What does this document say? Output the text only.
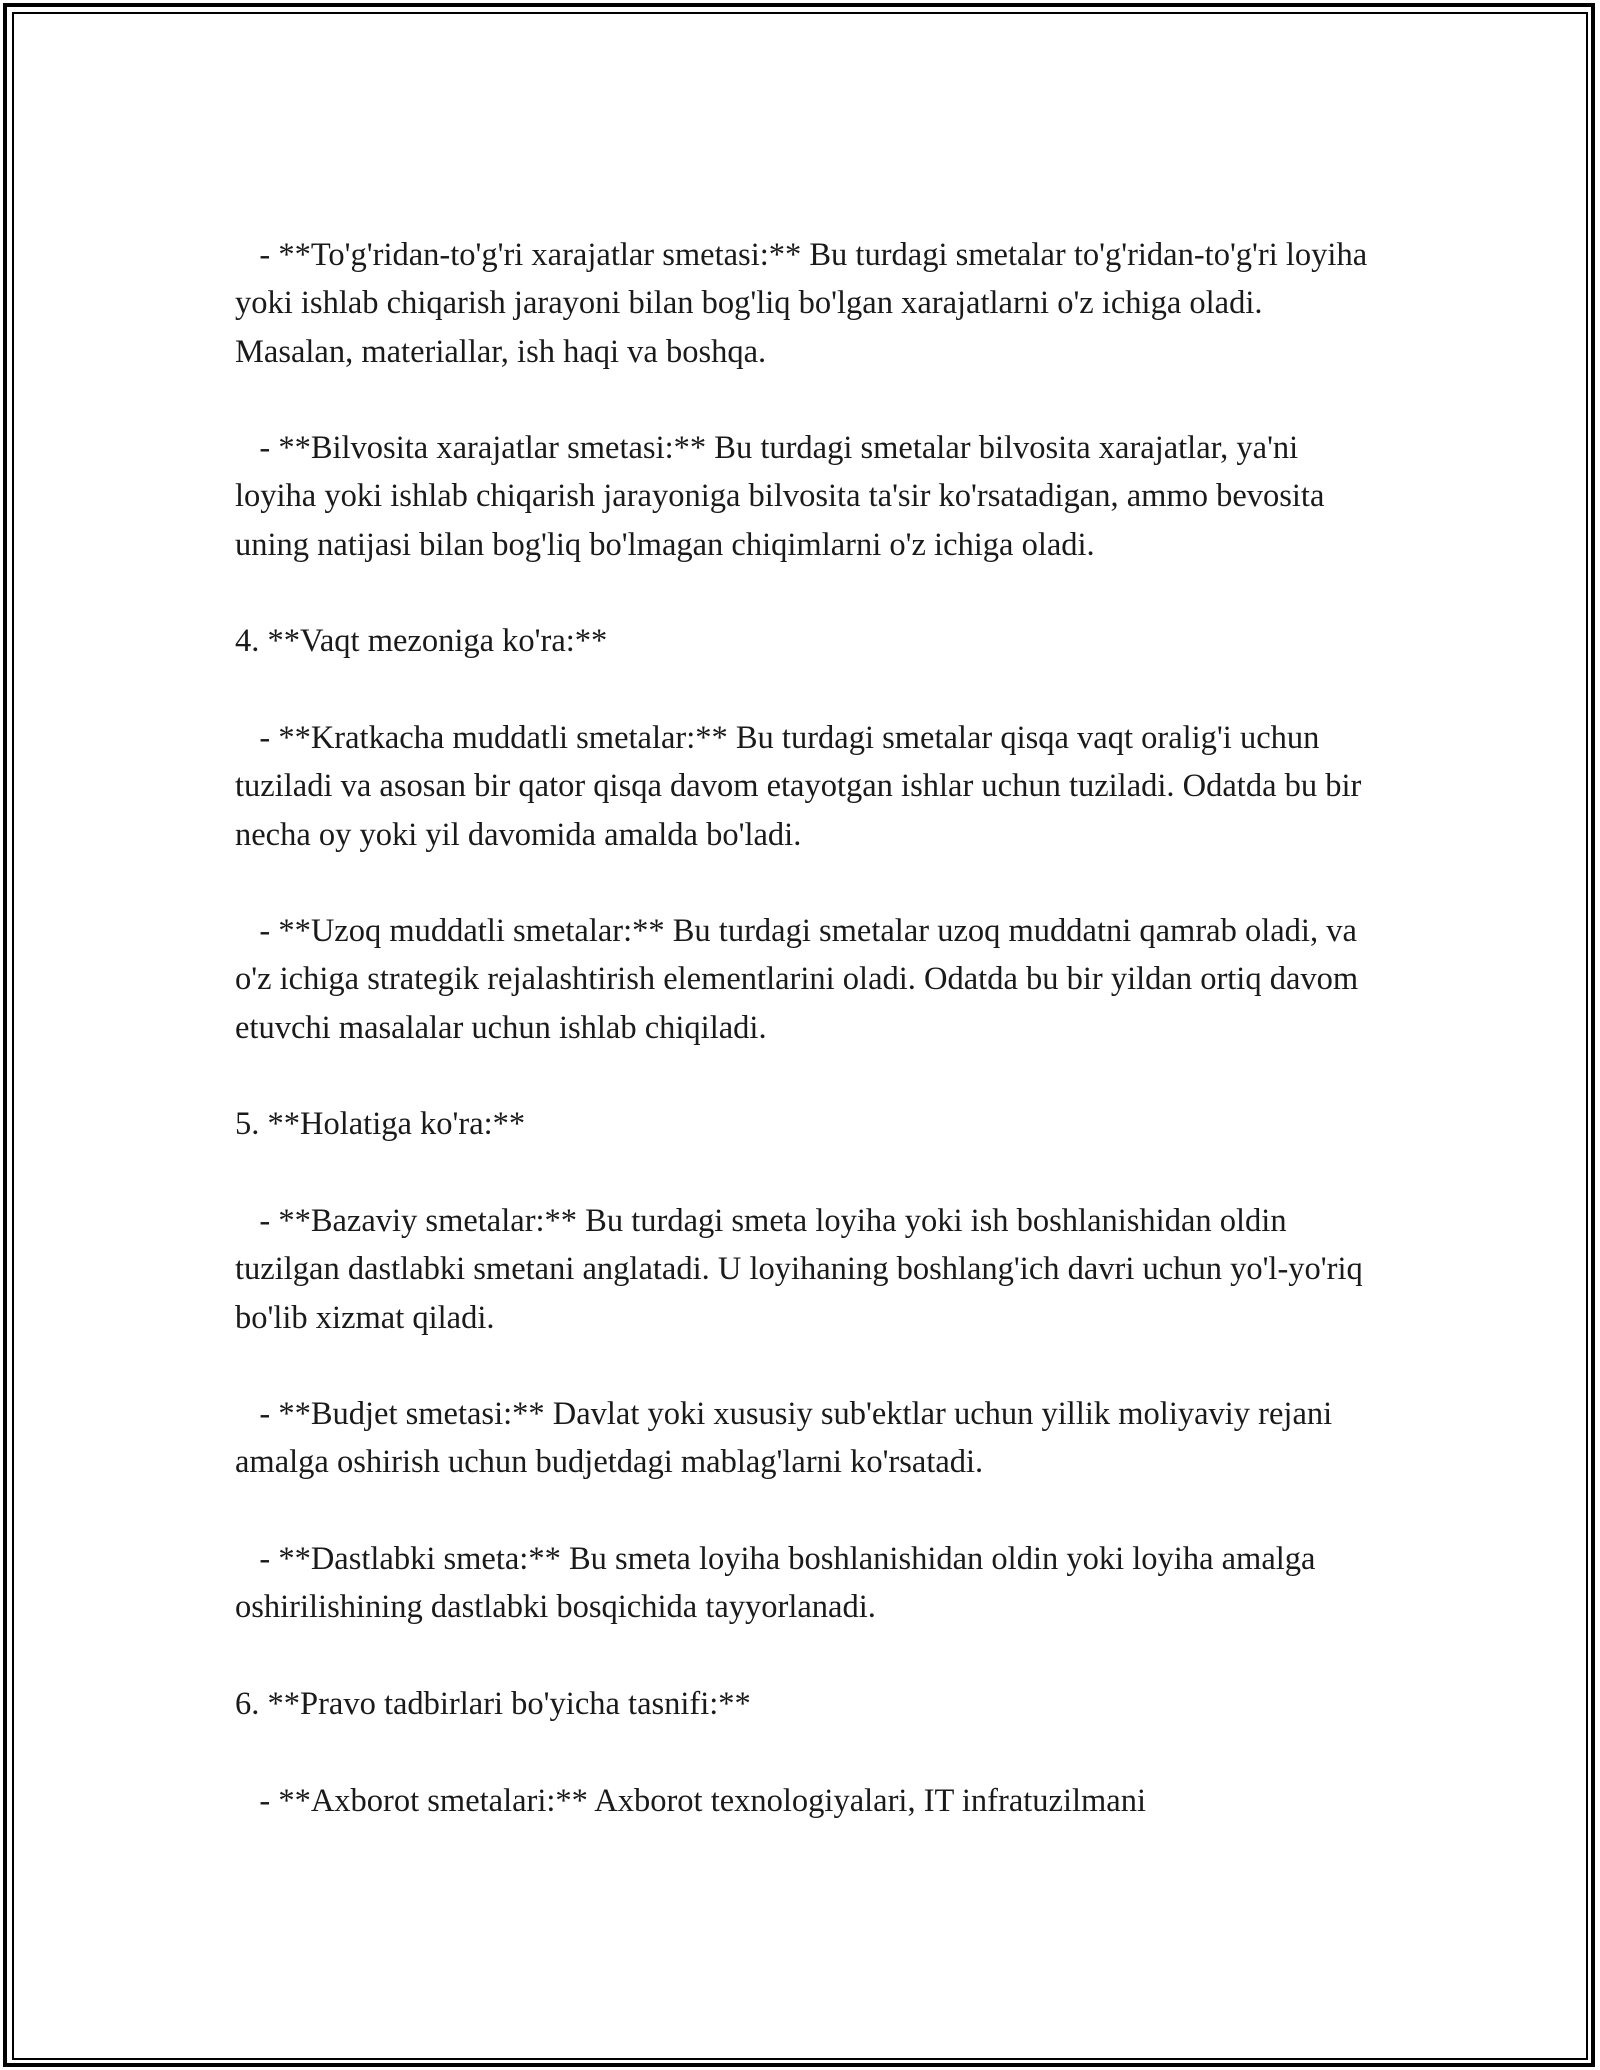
- **To'g'ridan-to'g'ri xarajatlar smetasi:** Bu turdagi smetalar to'g'ridan-to'g'ri loyiha yoki ishlab chiqarish jarayoni bilan bog'liq bo'lgan xarajatlarni o'z ichiga oladi. Masalan, materiallar, ish haqi va boshqa.

- **Bilvosita xarajatlar smetasi:** Bu turdagi smetalar bilvosita xarajatlar, ya'ni loyiha yoki ishlab chiqarish jarayoniga bilvosita ta'sir ko'rsatadigan, ammo bevosita uning natijasi bilan bog'liq bo'lmagan chiqimlarni o'z ichiga oladi.

4. **Vaqt mezoniga ko'ra:**

- **Kratkacha muddatli smetalar:** Bu turdagi smetalar qisqa vaqt oralig'i uchun tuziladi va asosan bir qator qisqa davom etayotgan ishlar uchun tuziladi. Odatda bu bir necha oy yoki yil davomida amalda bo'ladi.

- **Uzoq muddatli smetalar:** Bu turdagi smetalar uzoq muddatni qamrab oladi, va o'z ichiga strategik rejalashtirish elementlarini oladi. Odatda bu bir yildan ortiq davom etuvchi masalalar uchun ishlab chiqiladi.

5. **Holatiga ko'ra:**

- **Bazaviy smetalar:** Bu turdagi smeta loyiha yoki ish boshlanishidan oldin tuzilgan dastlabki smetani anglatadi. U loyihaning boshlang'ich davri uchun yo'l-yo'riq bo'lib xizmat qiladi.

- **Budjet smetasi:** Davlat yoki xususiy sub'ektlar uchun yillik moliyaviy rejani amalga oshirish uchun budjetdagi mablag'larni ko'rsatadi.

- **Dastlabki smeta:** Bu smeta loyiha boshlanishidan oldin yoki loyiha amalga oshirilishining dastlabki bosqichida tayyorlanadi.

6. **Pravo tadbirlari bo'yicha tasnifi:**

- **Axborot smetalari:** Axborot texnologiyalari, IT infratuzilmani
